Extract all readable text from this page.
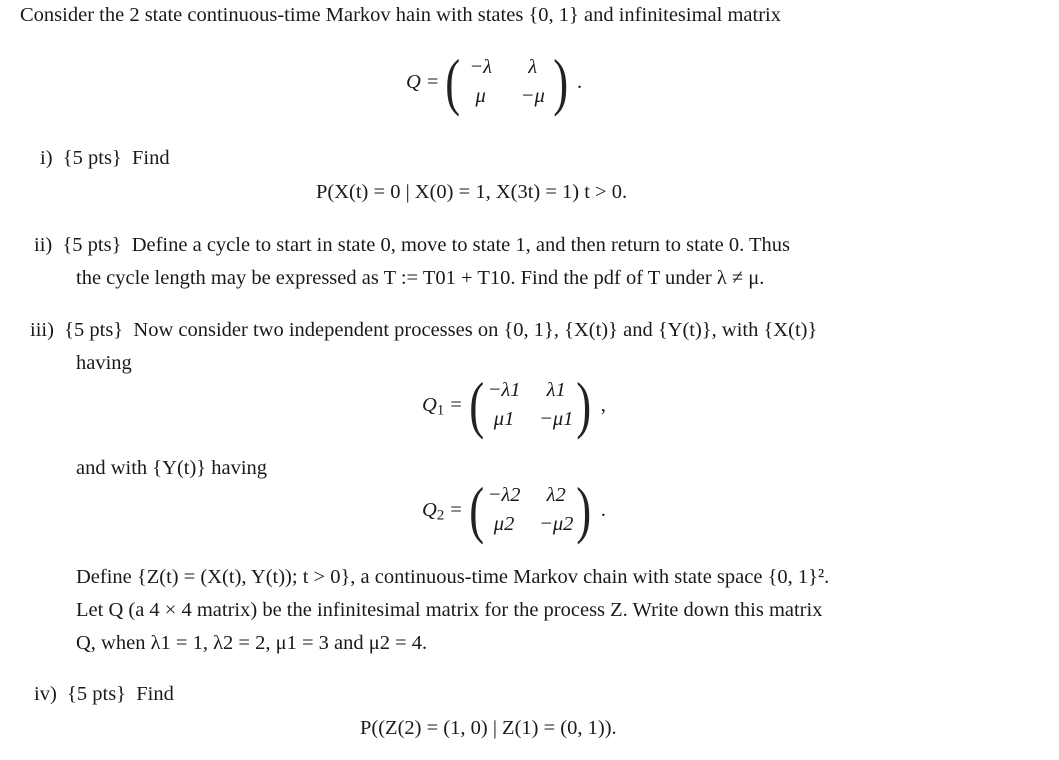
Consider the 2 state continuous-time Markov hain with states {0, 1} and infinitesimal matrix
Q = ( −λ	λ
μ	−μ ) .
i) {5 pts} Find
P(X(t) = 0 | X(0) = 1, X(3t) = 1) t > 0.
ii) {5 pts} Define a cycle to start in state 0, move to state 1, and then return to state 0. Thus
the cycle length may be expressed as T := T01 + T10. Find the pdf of T under λ ≠ μ.
iii) {5 pts} Now consider two independent processes on {0, 1}, {X(t)} and {Y(t)}, with {X(t)}
having
$Q_1$ = ( −λ1	λ1
μ1	−μ1 ) ,
and with {Y(t)} having
$Q_2$ = ( −λ2	λ2
μ2	−μ2 ) .
Define {Z(t) = (X(t), Y(t)); t > 0}, a continuous-time Markov chain with state space {0, 1}².
Let Q (a 4 × 4 matrix) be the infinitesimal matrix for the process Z. Write down this matrix
Q, when λ1 = 1, λ2 = 2, μ1 = 3 and μ2 = 4.
iv) {5 pts} Find
P((Z(2) = (1, 0) | Z(1) = (0, 1)).
